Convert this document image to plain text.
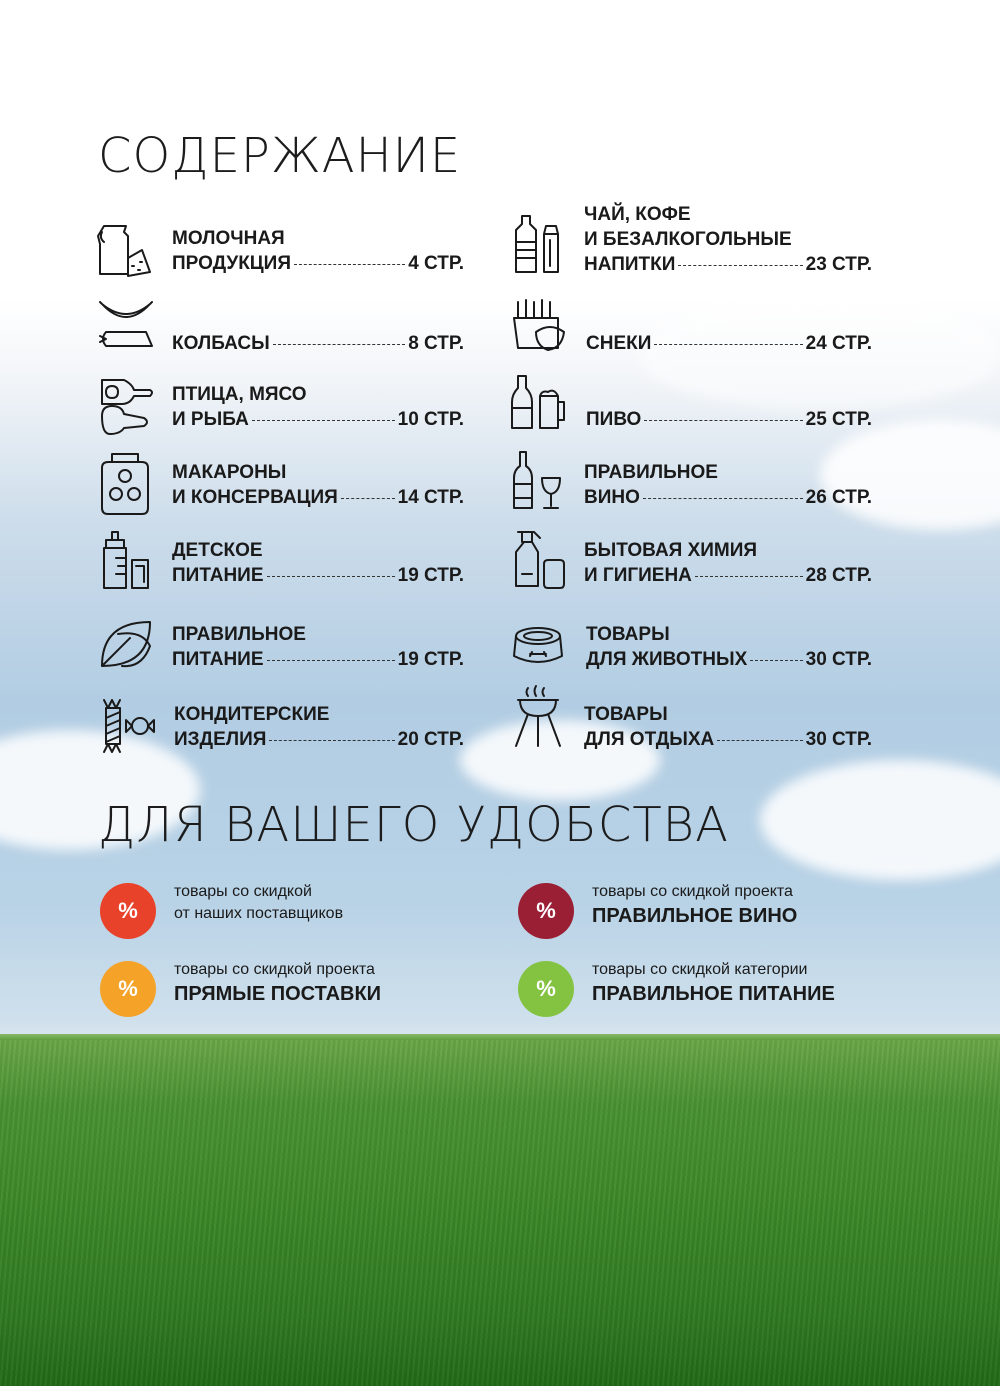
СОДЕРЖАНИЕ
МОЛОЧНАЯ
ПРОДУКЦИЯ	4 СТР.
КОЛБАСЫ	8 СТР.
ПТИЦА, МЯСО
И РЫБА	10 СТР.
МАКАРОНЫ
И КОНСЕРВАЦИЯ	14 СТР.
ДЕТСКОЕ
ПИТАНИЕ	19 СТР.
ПРАВИЛЬНОЕ
ПИТАНИЕ	19 СТР.
КОНДИТЕРСКИЕ
ИЗДЕЛИЯ	20 СТР.
ЧАЙ, КОФЕ
И БЕЗАЛКОГОЛЬНЫЕ
НАПИТКИ	23 СТР.
СНЕКИ	24 СТР.
ПИВО	25 СТР.
ПРАВИЛЬНОЕ
ВИНО	26 СТР.
БЫТОВАЯ ХИМИЯ
И ГИГИЕНА	28 СТР.
ТОВАРЫ
ДЛЯ ЖИВОТНЫХ	30 СТР.
ТОВАРЫ
ДЛЯ ОТДЫХА	30 СТР.
ДЛЯ ВАШЕГО УДОБСТВА
%
товары со скидкой
от наших поставщиков	%
товары со скидкой проекта
ПРАВИЛЬНОЕ ВИНО
%
товары со скидкой проекта
ПРЯМЫЕ ПОСТАВКИ	%
товары со скидкой категории
ПРАВИЛЬНОЕ ПИТАНИЕ
